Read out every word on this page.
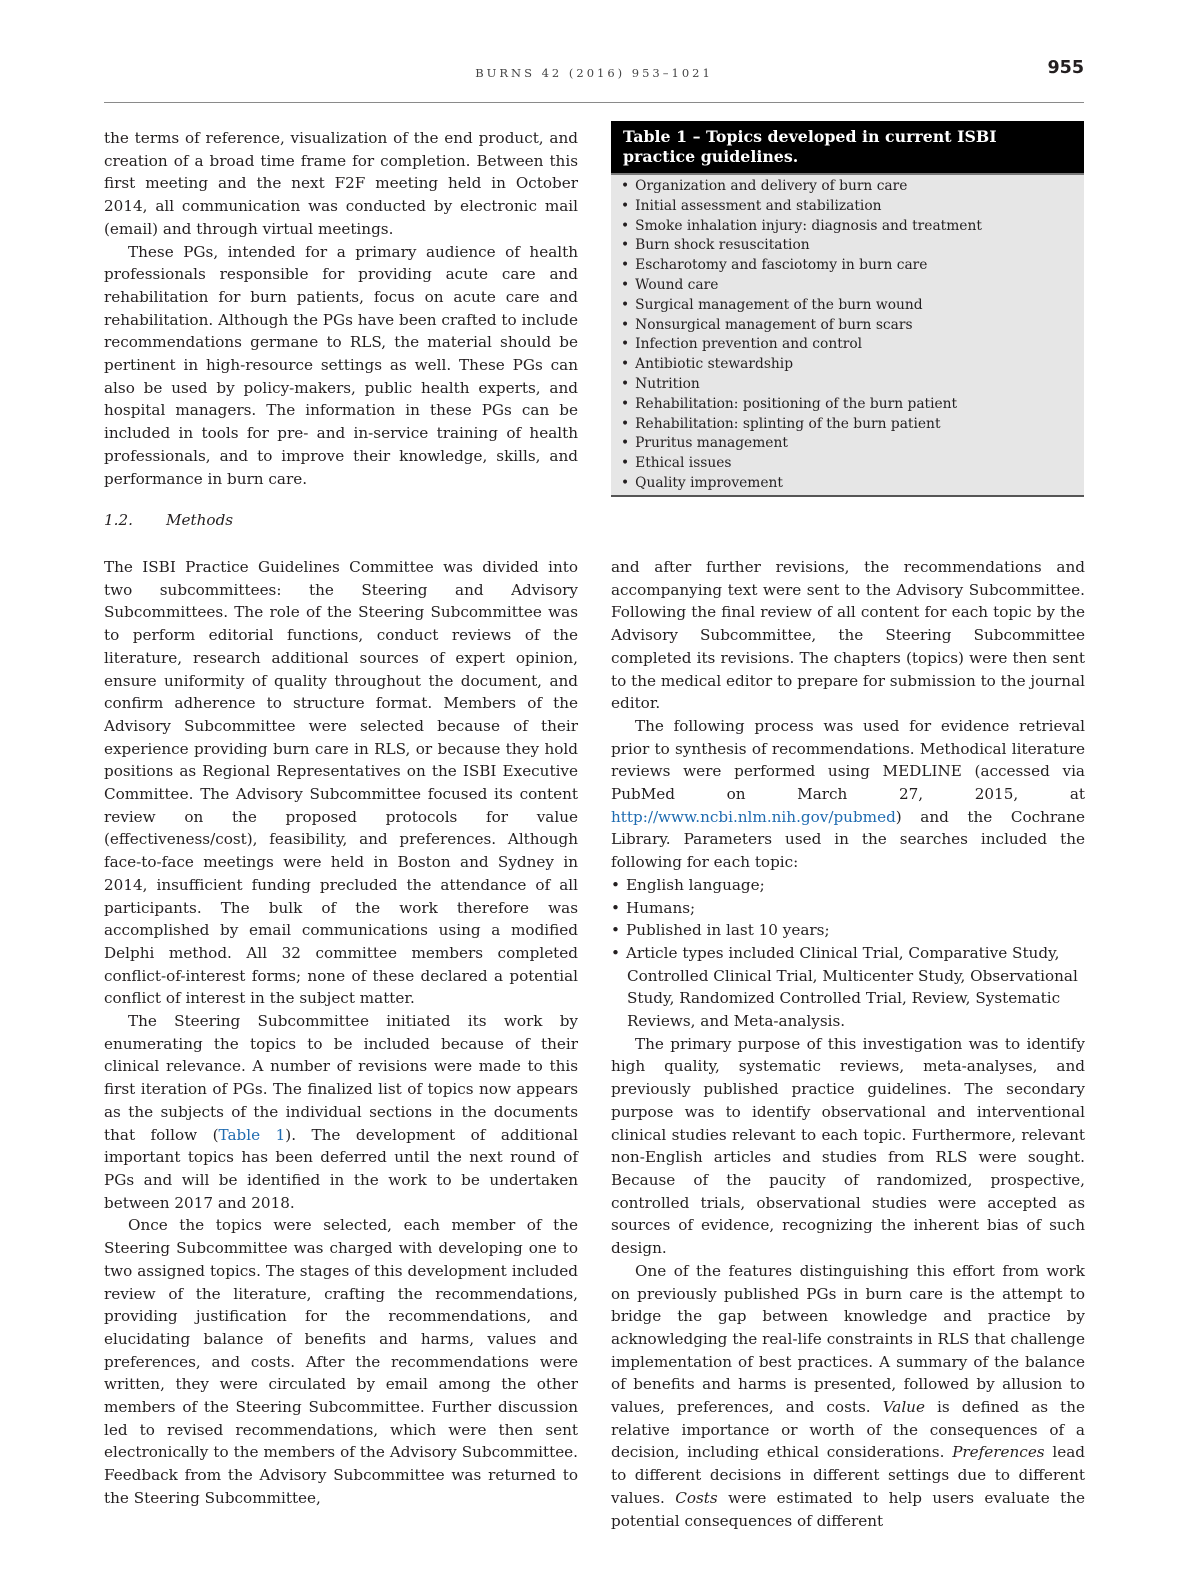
BURNS 42 (2016) 953–1021	955

the terms of reference, visualization of the end product, and creation of a broad time frame for completion. Between this first meeting and the next F2F meeting held in October 2014, all communication was conducted by electronic mail (email) and through virtual meetings.

These PGs, intended for a primary audience of health professionals responsible for providing acute care and rehabilitation for burn patients, focus on acute care and rehabilitation. Although the PGs have been crafted to include recommendations germane to RLS, the material should be pertinent in high-resource settings as well. These PGs can also be used by policy-makers, public health experts, and hospital managers. The information in these PGs can be included in tools for pre- and in-service training of health professionals, and to improve their knowledge, skills, and performance in burn care.

Table 1 – Topics developed in current ISBI practice guidelines.
• Organization and delivery of burn care
• Initial assessment and stabilization
• Smoke inhalation injury: diagnosis and treatment
• Burn shock resuscitation
• Escharotomy and fasciotomy in burn care
• Wound care
• Surgical management of the burn wound
• Nonsurgical management of burn scars
• Infection prevention and control
• Antibiotic stewardship
• Nutrition
• Rehabilitation: positioning of the burn patient
• Rehabilitation: splinting of the burn patient
• Pruritus management
• Ethical issues
• Quality improvement
1.2. Methods

The ISBI Practice Guidelines Committee was divided into two subcommittees: the Steering and Advisory Subcommittees. The role of the Steering Subcommittee was to perform editorial functions, conduct reviews of the literature, research additional sources of expert opinion, ensure uniformity of quality throughout the document, and confirm adherence to structure format. Members of the Advisory Subcommittee were selected because of their experience providing burn care in RLS, or because they hold positions as Regional Representatives on the ISBI Executive Committee. The Advisory Subcommittee focused its content review on the proposed protocols for value (effectiveness/cost), feasibility, and preferences. Although face-to-face meetings were held in Boston and Sydney in 2014, insufficient funding precluded the attendance of all participants. The bulk of the work therefore was accomplished by email communications using a modified Delphi method. All 32 committee members completed conflict-of-interest forms; none of these declared a potential conflict of interest in the subject matter.

The Steering Subcommittee initiated its work by enumerating the topics to be included because of their clinical relevance. A number of revisions were made to this first iteration of PGs. The finalized list of topics now appears as the subjects of the individual sections in the documents that follow (Table 1). The development of additional important topics has been deferred until the next round of PGs and will be identified in the work to be undertaken between 2017 and 2018.

Once the topics were selected, each member of the Steering Subcommittee was charged with developing one to two assigned topics. The stages of this development included review of the literature, crafting the recommendations, providing justification for the recommendations, and elucidating balance of benefits and harms, values and preferences, and costs. After the recommendations were written, they were circulated by email among the other members of the Steering Subcommittee. Further discussion led to revised recommendations, which were then sent electronically to the members of the Advisory Subcommittee. Feedback from the Advisory Subcommittee was returned to the Steering Subcommittee,

and after further revisions, the recommendations and accompanying text were sent to the Advisory Subcommittee. Following the final review of all content for each topic by the Advisory Subcommittee, the Steering Subcommittee completed its revisions. The chapters (topics) were then sent to the medical editor to prepare for submission to the journal editor.

The following process was used for evidence retrieval prior to synthesis of recommendations. Methodical literature reviews were performed using MEDLINE (accessed via PubMed on March 27, 2015, at http://www.ncbi.nlm.nih.gov/pubmed) and the Cochrane Library. Parameters used in the searches included the following for each topic:

• English language;
• Humans;
• Published in last 10 years;
• Article types included Clinical Trial, Comparative Study, Controlled Clinical Trial, Multicenter Study, Observational Study, Randomized Controlled Trial, Review, Systematic Reviews, and Meta-analysis.

The primary purpose of this investigation was to identify high quality, systematic reviews, meta-analyses, and previously published practice guidelines. The secondary purpose was to identify observational and interventional clinical studies relevant to each topic. Furthermore, relevant non-English articles and studies from RLS were sought. Because of the paucity of randomized, prospective, controlled trials, observational studies were accepted as sources of evidence, recognizing the inherent bias of such design.

One of the features distinguishing this effort from work on previously published PGs in burn care is the attempt to bridge the gap between knowledge and practice by acknowledging the real-life constraints in RLS that challenge implementation of best practices. A summary of the balance of benefits and harms is presented, followed by allusion to values, preferences, and costs. Value is defined as the relative importance or worth of the consequences of a decision, including ethical considerations. Preferences lead to different decisions in different settings due to different values. Costs were estimated to help users evaluate the potential consequences of different
